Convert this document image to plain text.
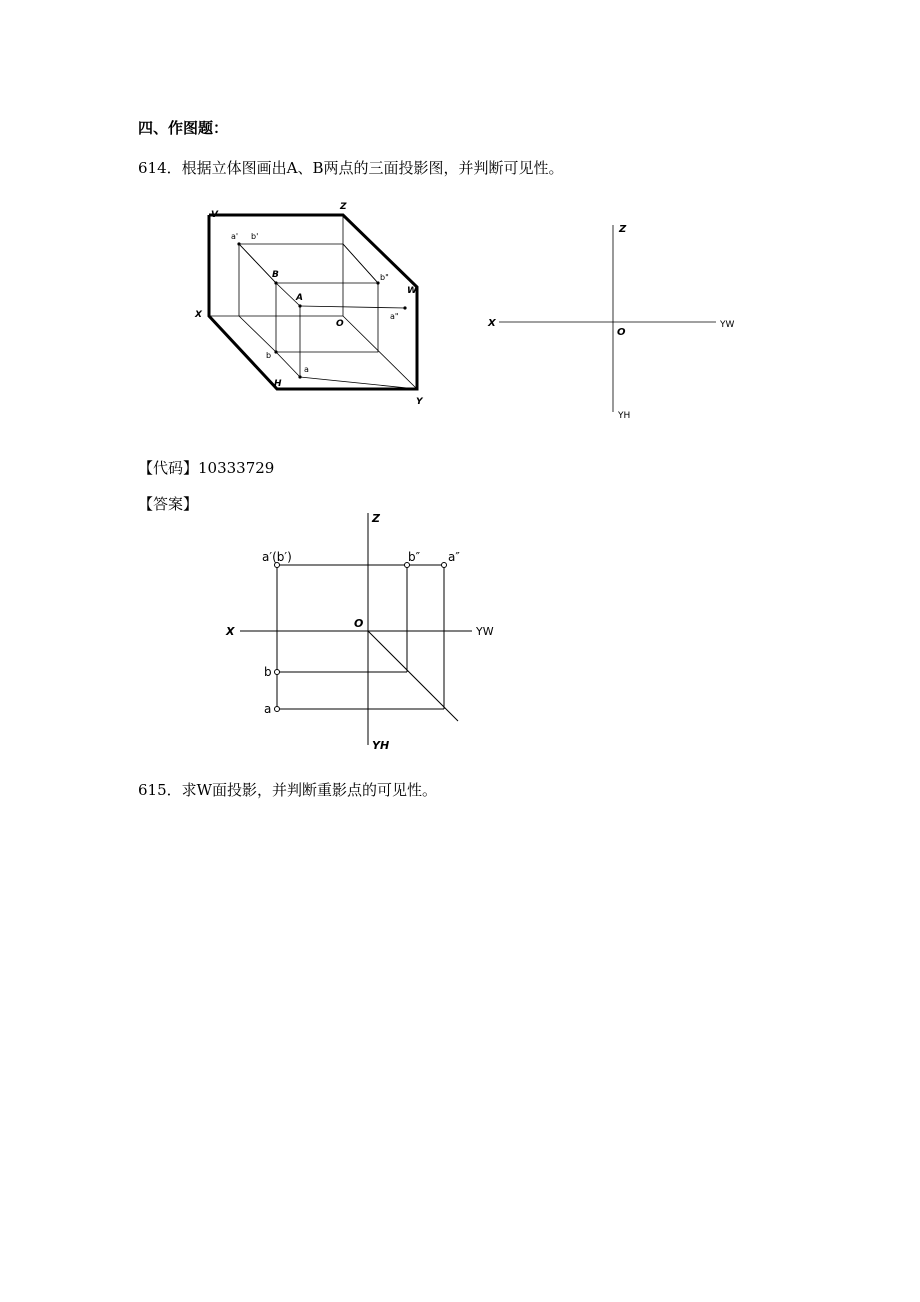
四、作图题：

614．根据立体图画出A、B两点的三面投影图，并判断可见性。

V
Z
W
X
O
H
Y
A
B
a' b'
b"
a"
b
a
Z
X
O
YW
YH

【代码】10333729

【答案】

Z
X
O
YH
YW
a′(b′)	b″ a″
b
a

615．求W面投影，并判断重影点的可见性。
